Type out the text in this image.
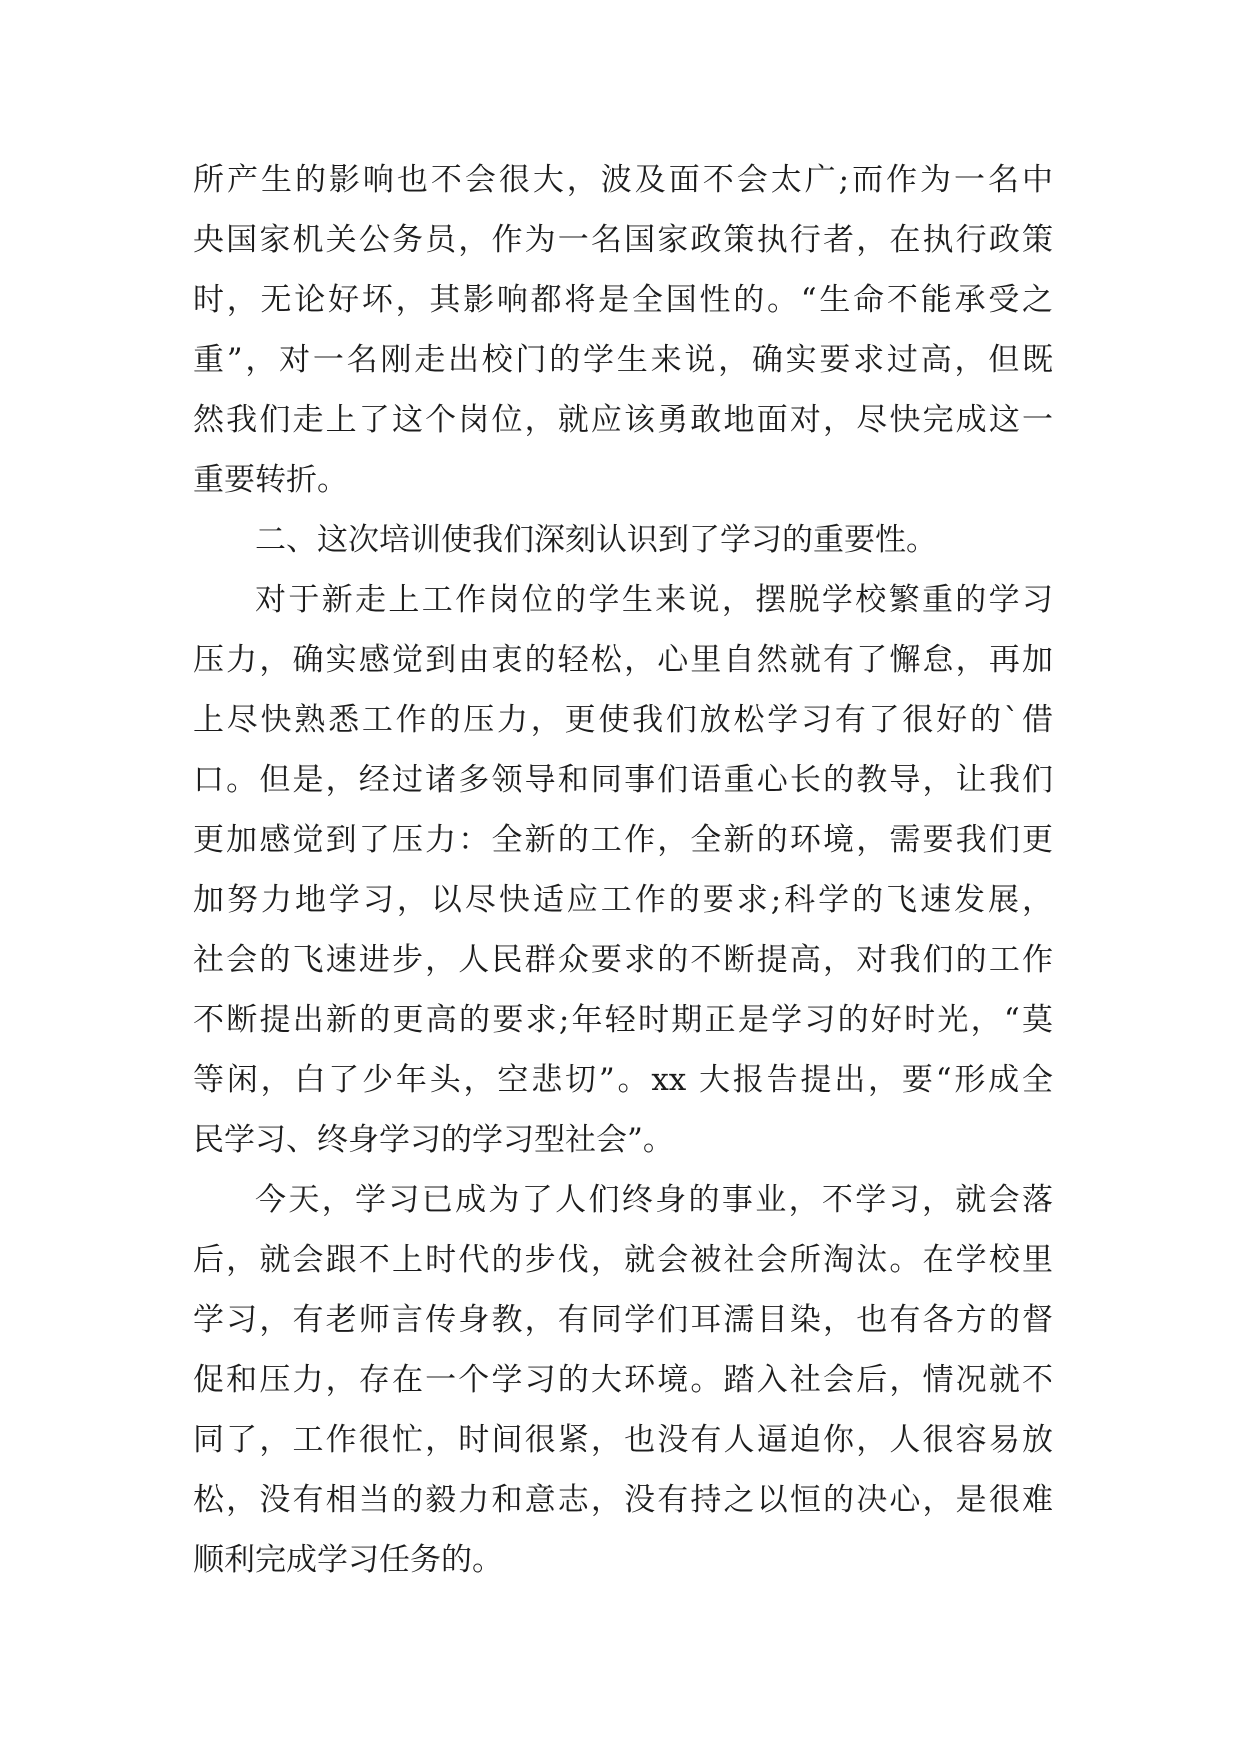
所产生的影响也不会很大，波及面不会太广;而作为一名中
央国家机关公务员，作为一名国家政策执行者，在执行政策
时，无论好坏，其影响都将是全国性的。“生命不能承受之
重”，对一名刚走出校门的学生来说，确实要求过高，但既
然我们走上了这个岗位，就应该勇敢地面对，尽快完成这一
重要转折。
二、这次培训使我们深刻认识到了学习的重要性。
对于新走上工作岗位的学生来说，摆脱学校繁重的学习
压力，确实感觉到由衷的轻松，心里自然就有了懈怠，再加
上尽快熟悉工作的压力，更使我们放松学习有了很好的`借
口。但是，经过诸多领导和同事们语重心长的教导，让我们
更加感觉到了压力：全新的工作，全新的环境，需要我们更
加努力地学习，以尽快适应工作的要求;科学的飞速发展，
社会的飞速进步，人民群众要求的不断提高，对我们的工作
不断提出新的更高的要求;年轻时期正是学习的好时光，“莫
等闲，白了少年头，空悲切”。xx 大报告提出，要“形成全
民学习、终身学习的学习型社会”。
今天，学习已成为了人们终身的事业，不学习，就会落
后，就会跟不上时代的步伐，就会被社会所淘汰。在学校里
学习，有老师言传身教，有同学们耳濡目染，也有各方的督
促和压力，存在一个学习的大环境。踏入社会后，情况就不
同了，工作很忙，时间很紧，也没有人逼迫你，人很容易放
松，没有相当的毅力和意志，没有持之以恒的决心，是很难
顺利完成学习任务的。
